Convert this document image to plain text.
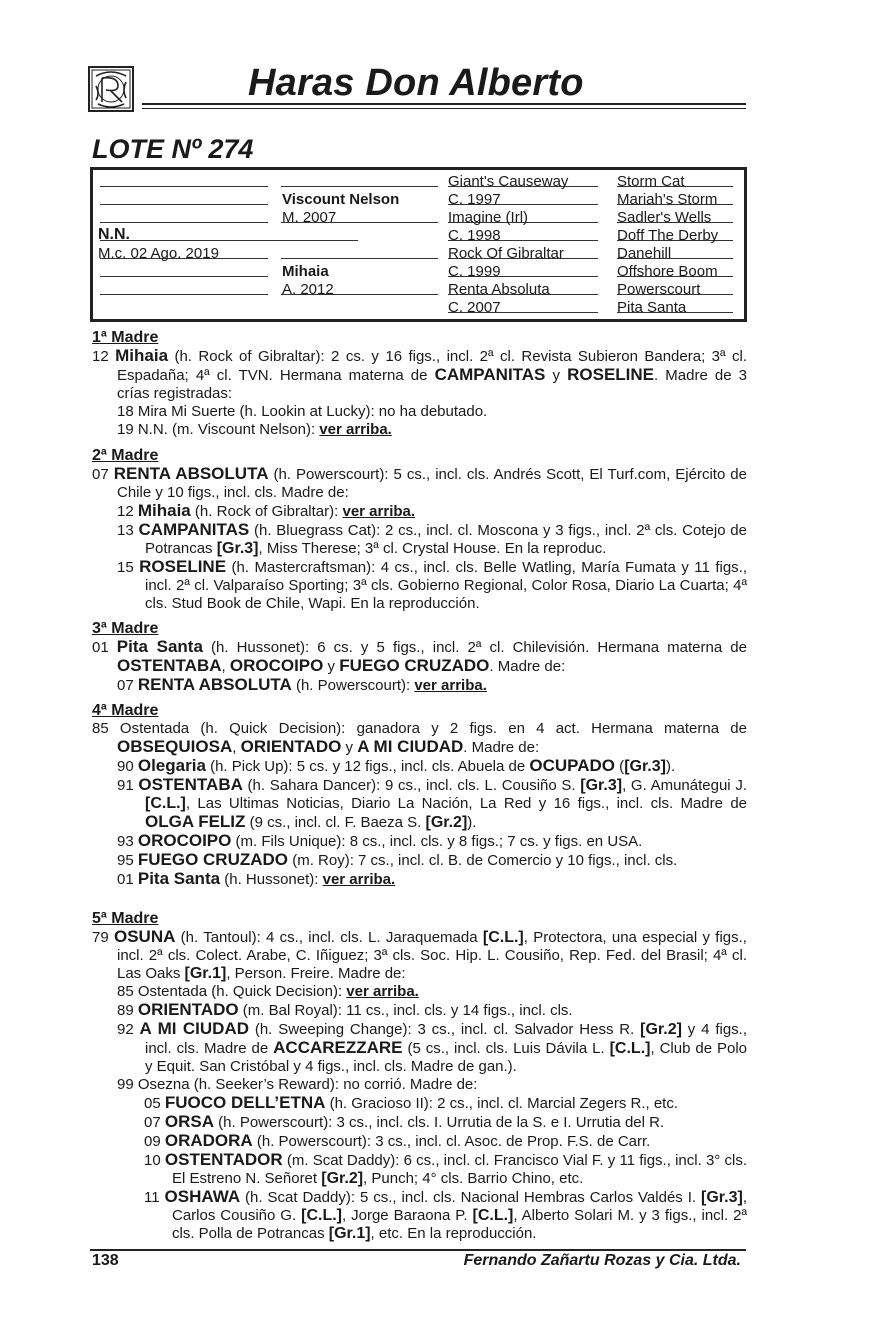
Haras Don Alberto
LOTE Nº 274
N.N.
M.c. 02 Ago. 2019
Viscount Nelson
M. 2007
Mihaia
A. 2012
Giant's Causeway
C. 1997
Imagine (Irl)
C. 1998
Rock Of Gibraltar
C. 1999
Renta Absoluta
C. 2007
Storm Cat
Mariah's Storm
Sadler's Wells
Doff The Derby
Danehill
Offshore Boom
Powerscourt
Pita Santa
1ª Madre

12 Mihaia (h. Rock of Gibraltar): 2 cs. y 16 figs., incl. 2ª cl. Revista Subieron Bandera; 3ª cl. Espadaña; 4ª cl. TVN. Hermana materna de CAMPANITAS y ROSELINE. Madre de 3 crías registradas:

18 Mira Mi Suerte (h. Lookin at Lucky): no ha debutado.

19 N.N. (m. Viscount Nelson): ver arriba.

2ª Madre

07 RENTA ABSOLUTA (h. Powerscourt): 5 cs., incl. cls. Andrés Scott, El Turf.com, Ejército de Chile y 10 figs., incl. cls. Madre de:

12 Mihaia (h. Rock of Gibraltar): ver arriba.

13 CAMPANITAS (h. Bluegrass Cat): 2 cs., incl. cl. Moscona y 3 figs., incl. 2ª cls. Cotejo de Potrancas [Gr.3], Miss Therese; 3ª cl. Crystal House. En la reproduc.

15 ROSELINE (h. Mastercraftsman): 4 cs., incl. cls. Belle Watling, María Fumata y 11 figs., incl. 2ª cl. Valparaíso Sporting; 3ª cls. Gobierno Regional, Color Rosa, Diario La Cuarta; 4ª cls. Stud Book de Chile, Wapi. En la reproducción.

3ª Madre

01 Pita Santa (h. Hussonet): 6 cs. y 5 figs., incl. 2ª cl. Chilevisión. Hermana materna de OSTENTABA, OROCOIPO y FUEGO CRUZADO. Madre de:

07 RENTA ABSOLUTA (h. Powerscourt): ver arriba.

4ª Madre

85 Ostentada (h. Quick Decision): ganadora y 2 figs. en 4 act. Hermana materna de OBSEQUIOSA, ORIENTADO y A MI CIUDAD. Madre de:

90 Olegaria (h. Pick Up): 5 cs. y 12 figs., incl. cls. Abuela de OCUPADO ([Gr.3]).

91 OSTENTABA (h. Sahara Dancer): 9 cs., incl. cls. L. Cousiño S. [Gr.3], G. Amunátegui J. [C.L.], Las Ultimas Noticias, Diario La Nación, La Red y 16 figs., incl. cls. Madre de OLGA FELIZ (9 cs., incl. cl. F. Baeza S. [Gr.2]).

93 OROCOIPO (m. Fils Unique): 8 cs., incl. cls. y 8 figs.; 7 cs. y figs. en USA.

95 FUEGO CRUZADO (m. Roy): 7 cs., incl. cl. B. de Comercio y 10 figs., incl. cls.

01 Pita Santa (h. Hussonet): ver arriba.

5ª Madre

79 OSUNA (h. Tantoul): 4 cs., incl. cls. L. Jaraquemada [C.L.], Protectora, una especial y figs., incl. 2ª cls. Colect. Arabe, C. Iñiguez; 3ª cls. Soc. Hip. L. Cousiño, Rep. Fed. del Brasil; 4ª cl. Las Oaks [Gr.1], Person. Freire. Madre de:

85 Ostentada (h. Quick Decision): ver arriba.

89 ORIENTADO (m. Bal Royal): 11 cs., incl. cls. y 14 figs., incl. cls.

92 A MI CIUDAD (h. Sweeping Change): 3 cs., incl. cl. Salvador Hess R. [Gr.2] y 4 figs., incl. cls. Madre de ACCAREZZARE (5 cs., incl. cls. Luis Dávila L. [C.L.], Club de Polo y Equit. San Cristóbal y 4 figs., incl. cls. Madre de gan.).

99 Osezna (h. Seeker’s Reward): no corrió. Madre de:

05 FUOCO DELL’ETNA (h. Gracioso II): 2 cs., incl. cl. Marcial Zegers R., etc.

07 ORSA (h. Powerscourt): 3 cs., incl. cls. I. Urrutia de la S. e I. Urrutia del R.

09 ORADORA (h. Powerscourt): 3 cs., incl. cl. Asoc. de Prop. F.S. de Carr.

10 OSTENTADOR (m. Scat Daddy): 6 cs., incl. cl. Francisco Vial F. y 11 figs., incl. 3° cls. El Estreno N. Señoret [Gr.2], Punch; 4° cls. Barrio Chino, etc.

11 OSHAWA (h. Scat Daddy): 5 cs., incl. cls. Nacional Hembras Carlos Valdés I. [Gr.3], Carlos Cousiño G. [C.L.], Jorge Baraona P. [C.L.], Alberto Solari M. y 3 figs., incl. 2ª cls. Polla de Potrancas [Gr.1], etc. En la reproducción.

138	Fernando Zañartu Rozas y Cia. Ltda.
